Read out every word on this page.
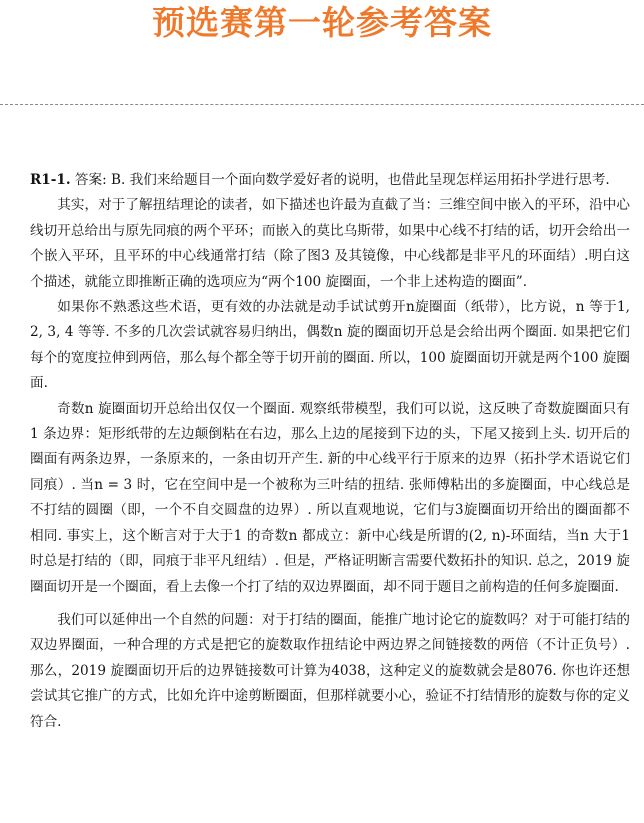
预选赛第一轮参考答案

R1-1. 答案: B. 我们来给题目一个面向数学爱好者的说明，也借此呈现怎样运用拓扑学进行思考.

其实，对于了解扭结理论的读者，如下描述也许最为直截了当：三维空间中嵌入的平环，沿中心线切开总给出与原先同痕的两个平环；而嵌入的莫比乌斯带，如果中心线不打结的话，切开会给出一个嵌入平环，且平环的中心线通常打结（除了图3 及其镜像，中心线都是非平凡的环面结）.明白这个描述，就能立即推断正确的选项应为“两个100 旋圈面，一个非上述构造的圈面”.

如果你不熟悉这些术语，更有效的办法就是动手试试剪开n旋圈面（纸带），比方说，n 等于1, 2, 3, 4 等等. 不多的几次尝试就容易归纳出，偶数n 旋的圈面切开总是会给出两个圈面. 如果把它们每个的宽度拉伸到两倍，那么每个都全等于切开前的圈面. 所以，100 旋圈面切开就是两个100 旋圈面.

奇数n 旋圈面切开总给出仅仅一个圈面. 观察纸带模型，我们可以说，这反映了奇数旋圈面只有1 条边界：矩形纸带的左边颠倒粘在右边，那么上边的尾接到下边的头，下尾又接到上头. 切开后的圈面有两条边界，一条原来的，一条由切开产生. 新的中心线平行于原来的边界（拓扑学术语说它们同痕）. 当n = 3 时，它在空间中是一个被称为三叶结的扭结. 张师傅粘出的多旋圈面，中心线总是不打结的圆圈（即，一个不自交圆盘的边界）. 所以直观地说，它们与3旋圈面切开给出的圈面都不相同. 事实上，这个断言对于大于1 的奇数n 都成立：新中心线是所谓的(2, n)-环面结，当n 大于1 时总是打结的（即，同痕于非平凡纽结）. 但是，严格证明断言需要代数拓扑的知识. 总之，2019 旋圈面切开是一个圈面，看上去像一个打了结的双边界圈面，却不同于题目之前构造的任何多旋圈面.

我们可以延伸出一个自然的问题：对于打结的圈面，能推广地讨论它的旋数吗？对于可能打结的双边界圈面，一种合理的方式是把它的旋数取作扭结论中两边界之间链接数的两倍（不计正负号）. 那么，2019 旋圈面切开后的边界链接数可计算为4038，这种定义的旋数就会是8076. 你也许还想尝试其它推广的方式，比如允许中途剪断圈面，但那样就要小心，验证不打结情形的旋数与你的定义符合.
